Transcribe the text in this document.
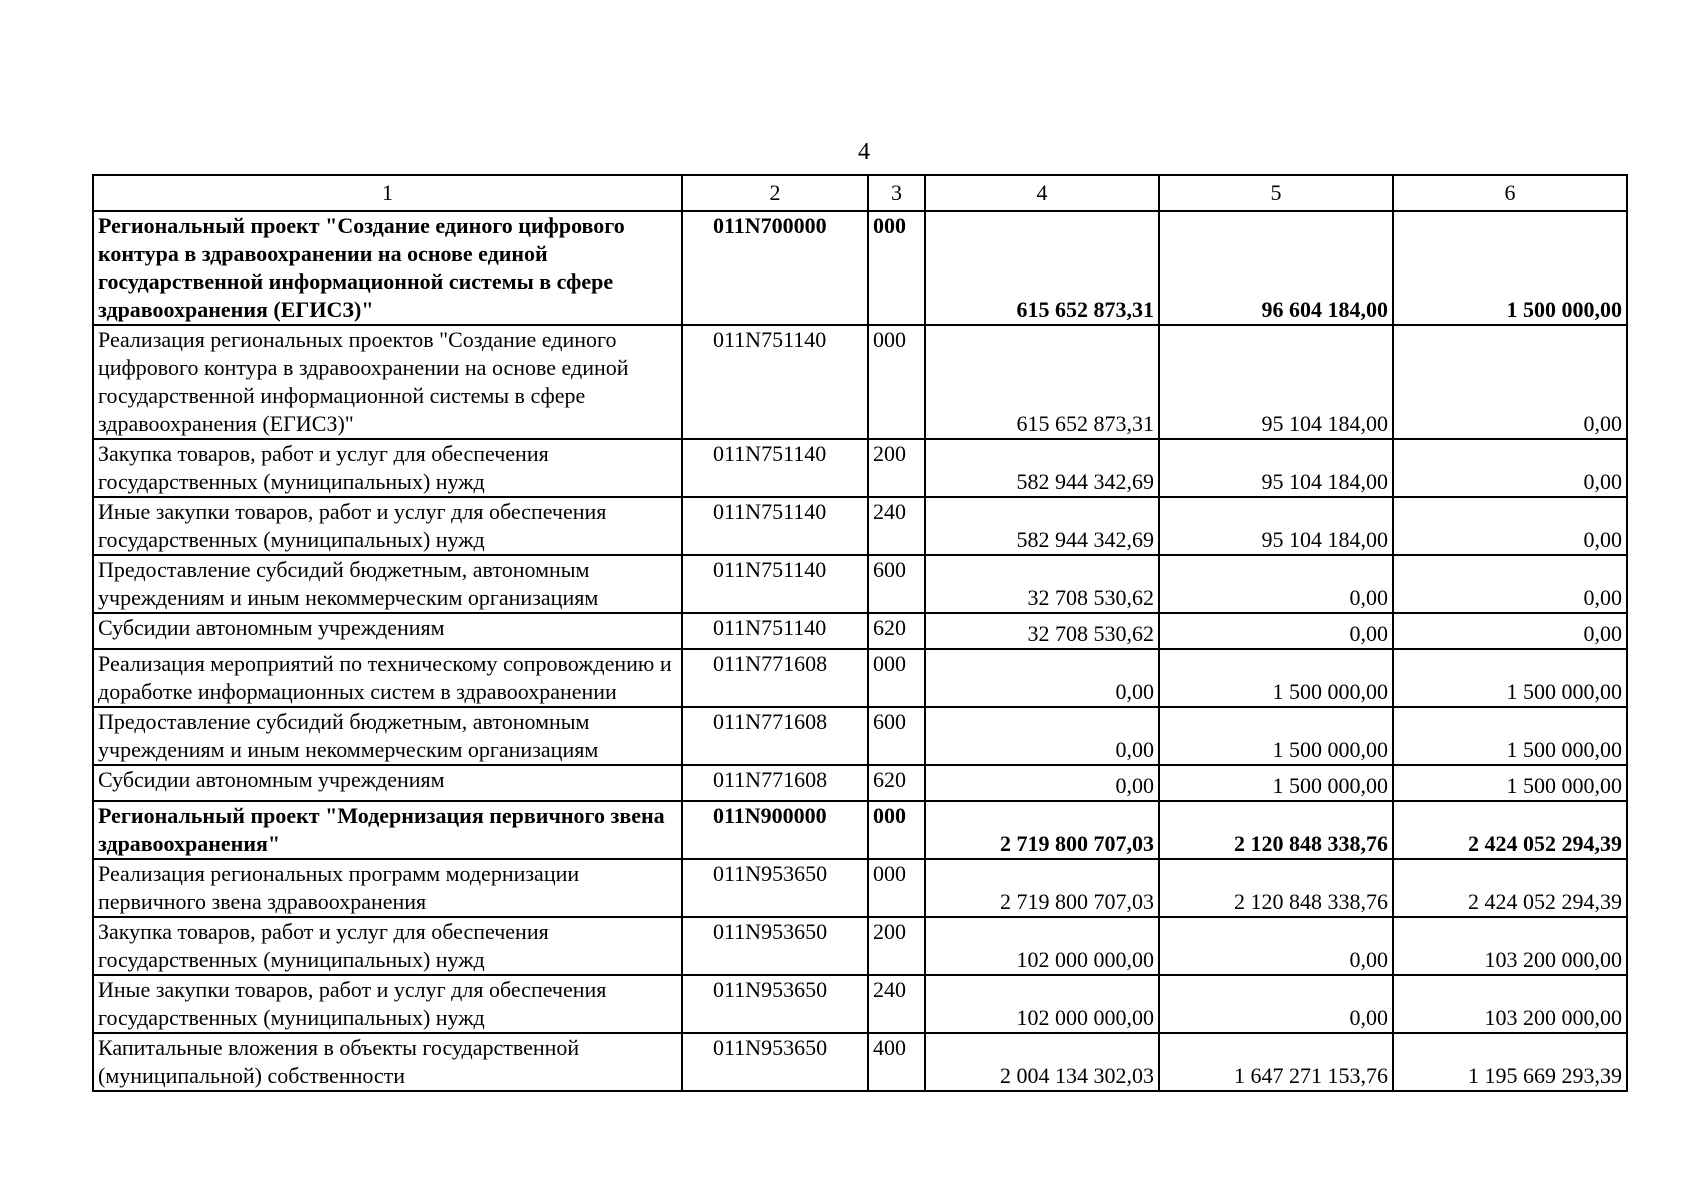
4
1	2	3	4	5	6
Региональный проект "Создание единого цифрового контура в здравоохранении на основе единой государственной информационной системы в сфере здравоохранения (ЕГИСЗ)"	011N700000	000	615 652 873,31	96 604 184,00	1 500 000,00
Реализация региональных проектов "Создание единого цифрового контура в здравоохранении на основе единой государственной информационной системы в сфере здравоохранения (ЕГИСЗ)"	011N751140	000	615 652 873,31	95 104 184,00	0,00
Закупка товаров, работ и услуг для обеспечения государственных (муниципальных) нужд	011N751140	200	582 944 342,69	95 104 184,00	0,00
Иные закупки товаров, работ и услуг для обеспечения государственных (муниципальных) нужд	011N751140	240	582 944 342,69	95 104 184,00	0,00
Предоставление субсидий бюджетным, автономным учреждениям и иным некоммерческим организациям	011N751140	600	32 708 530,62	0,00	0,00
Субсидии автономным учреждениям	011N751140	620	32 708 530,62	0,00	0,00
Реализация мероприятий по техническому сопровождению и доработке информационных систем в здравоохранении	011N771608	000	0,00	1 500 000,00	1 500 000,00
Предоставление субсидий бюджетным, автономным учреждениям и иным некоммерческим организациям	011N771608	600	0,00	1 500 000,00	1 500 000,00
Субсидии автономным учреждениям	011N771608	620	0,00	1 500 000,00	1 500 000,00
Региональный проект "Модернизация первичного звена здравоохранения"	011N900000	000	2 719 800 707,03	2 120 848 338,76	2 424 052 294,39
Реализация региональных программ модернизации первичного звена здравоохранения	011N953650	000	2 719 800 707,03	2 120 848 338,76	2 424 052 294,39
Закупка товаров, работ и услуг для обеспечения государственных (муниципальных) нужд	011N953650	200	102 000 000,00	0,00	103 200 000,00
Иные закупки товаров, работ и услуг для обеспечения государственных (муниципальных) нужд	011N953650	240	102 000 000,00	0,00	103 200 000,00
Капитальные вложения в объекты государственной (муниципальной) собственности	011N953650	400	2 004 134 302,03	1 647 271 153,76	1 195 669 293,39
